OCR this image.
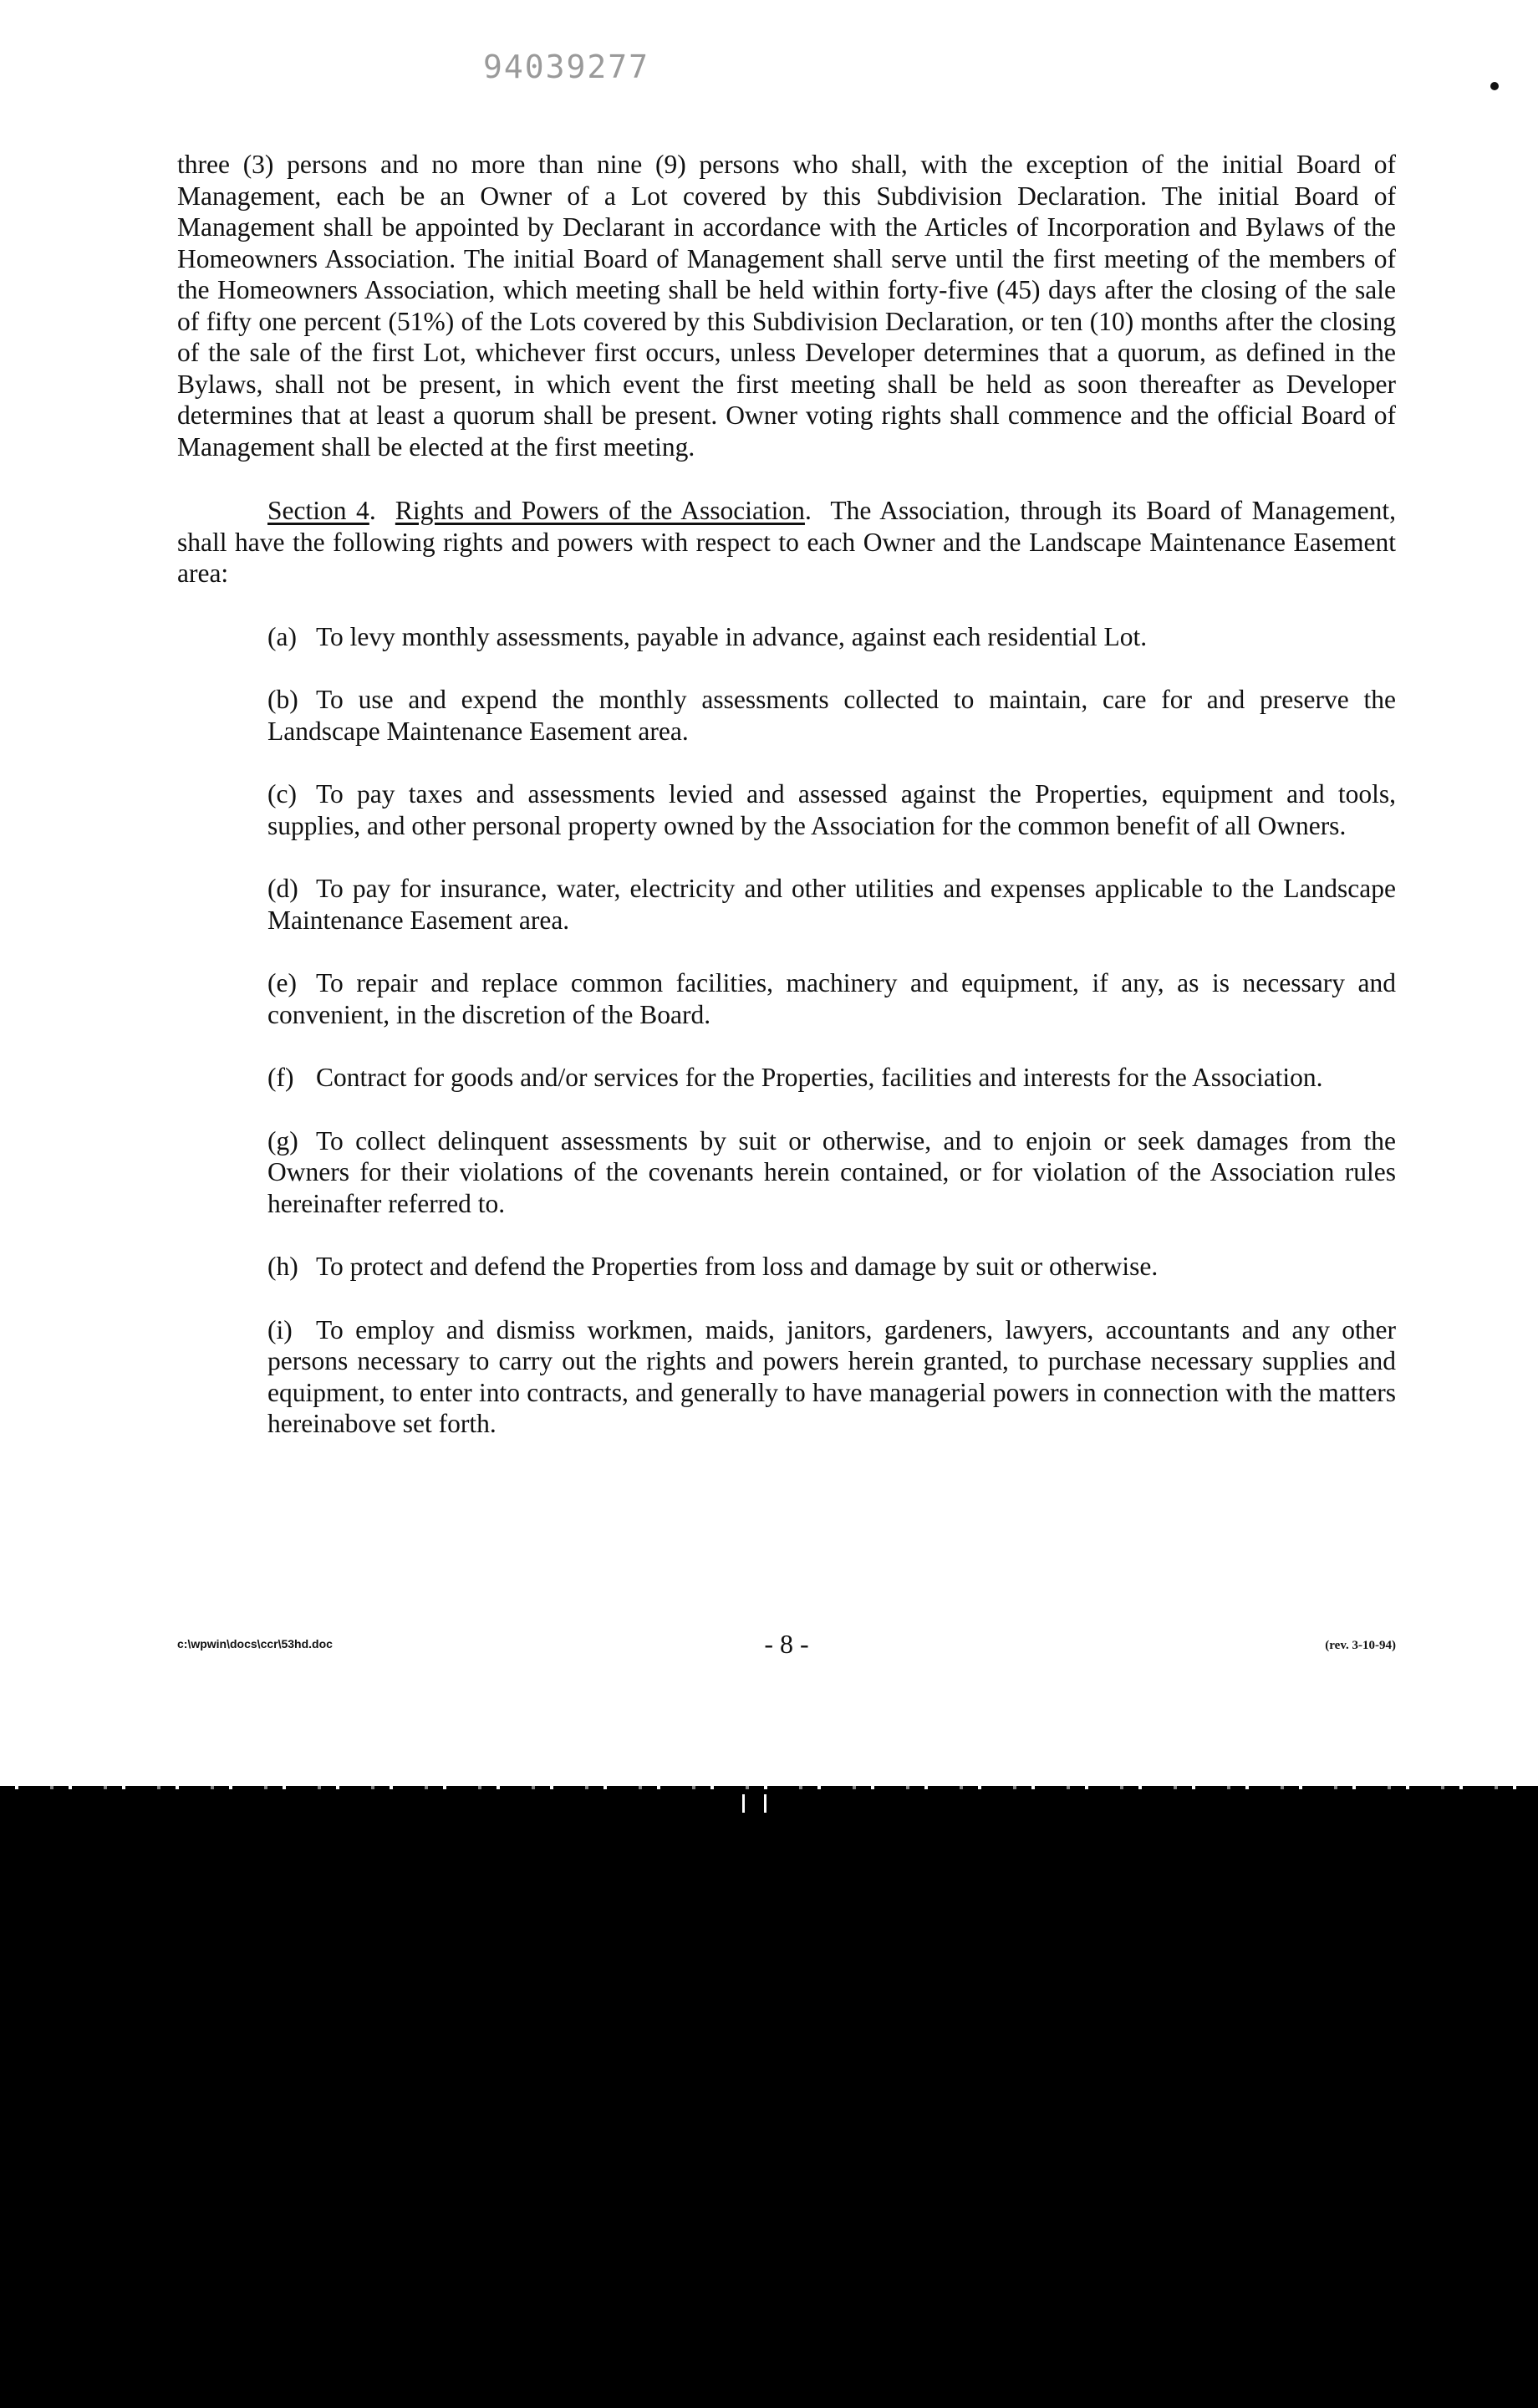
94039277

three (3) persons and no more than nine (9) persons who shall, with the exception of the initial Board of Management, each be an Owner of a Lot covered by this Subdivision Declaration. The initial Board of Management shall be appointed by Declarant in accordance with the Articles of Incorporation and Bylaws of the Homeowners Association. The initial Board of Management shall serve until the first meeting of the members of the Homeowners Association, which meeting shall be held within forty-five (45) days after the closing of the sale of fifty one percent (51%) of the Lots covered by this Subdivision Declaration, or ten (10) months after the closing of the sale of the first Lot, whichever first occurs, unless Developer determines that a quorum, as defined in the Bylaws, shall not be present, in which event the first meeting shall be held as soon thereafter as Developer determines that at least a quorum shall be present. Owner voting rights shall commence and the official Board of Management shall be elected at the first meeting.

Section 4.  Rights and Powers of the Association.  The Association, through its Board of Management, shall have the following rights and powers with respect to each Owner and the Landscape Maintenance Easement area:

(a) To levy monthly assessments, payable in advance, against each residential Lot.

(b) To use and expend the monthly assessments collected to maintain, care for and preserve the Landscape Maintenance Easement area.

(c) To pay taxes and assessments levied and assessed against the Properties, equipment and tools, supplies, and other personal property owned by the Association for the common benefit of all Owners.

(d) To pay for insurance, water, electricity and other utilities and expenses applicable to the Landscape Maintenance Easement area.

(e) To repair and replace common facilities, machinery and equipment, if any, as is necessary and convenient, in the discretion of the Board.

(f) Contract for goods and/or services for the Properties, facilities and interests for the Association.

(g) To collect delinquent assessments by suit or otherwise, and to enjoin or seek damages from the Owners for their violations of the covenants herein contained, or for violation of the Association rules hereinafter referred to.

(h) To protect and defend the Properties from loss and damage by suit or otherwise.

(i) To employ and dismiss workmen, maids, janitors, gardeners, lawyers, accountants and any other persons necessary to carry out the rights and powers herein granted, to purchase necessary supplies and equipment, to enter into contracts, and generally to have managerial powers in connection with the matters hereinabove set forth.

c:\wpwin\docs\ccr\53hd.doc	- 8 -	(rev. 3-10-94)
